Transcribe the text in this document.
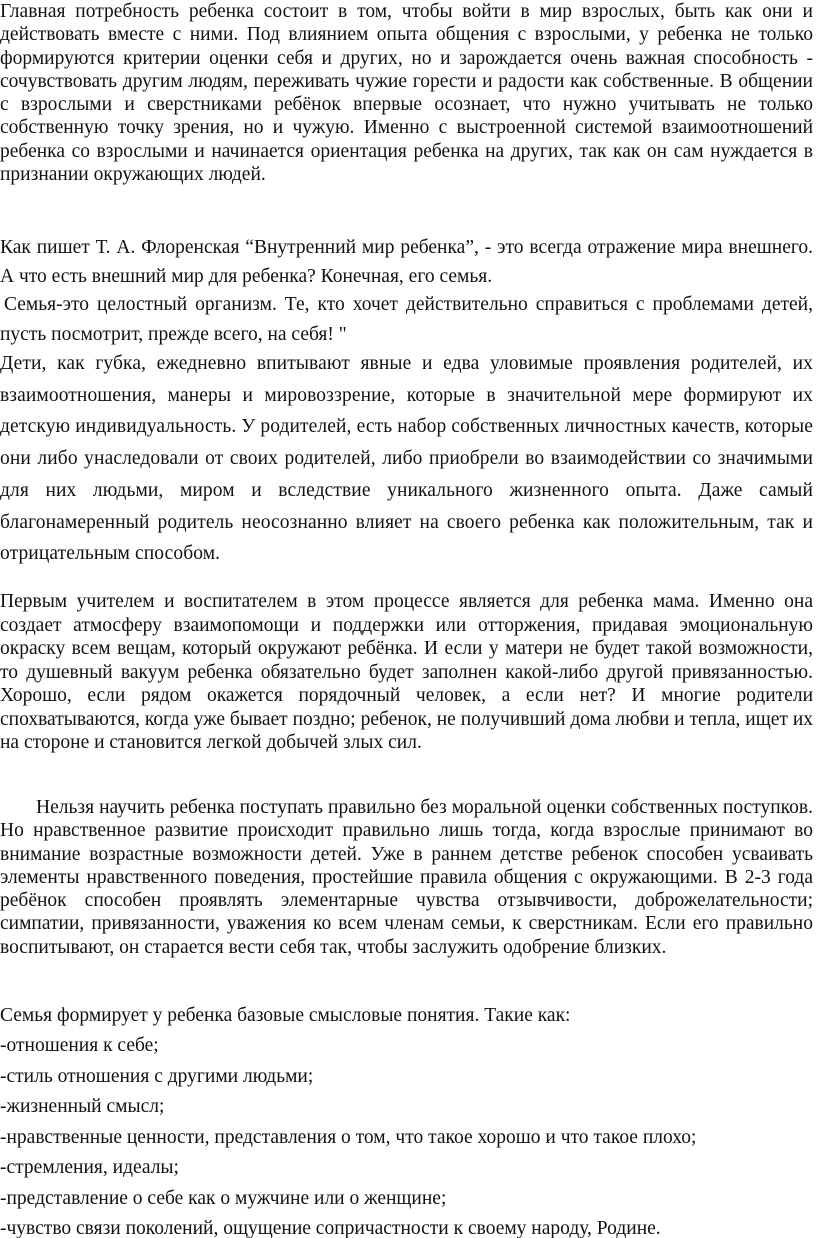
Главная потребность ребенка состоит в том, чтобы войти в мир взрослых, быть как они и действовать вместе с ними. Под влиянием опыта общения с взрослыми, у ребенка не только формируются критерии оценки себя и других, но и зарождается очень важная способность - сочувствовать другим людям, переживать чужие горести и радости как собственные. В общении с взрослыми и сверстниками ребёнок впервые осознает, что нужно учитывать не только собственную точку зрения, но и чужую. Именно с выстроенной системой взаимоотношений ребенка со взрослыми и начинается ориентация ребенка на других, так как он сам нуждается в признании окружающих людей.

Как пишет Т. А. Флоренская “Внутренний мир ребенка”, - это всегда отражение мира внешнего. А что есть внешний мир для ребенка? Конечная, его семья.

Семья-это целостный организм. Те, кто хочет действительно справиться с проблемами детей, пусть посмотрит, прежде всего, на себя! "

Дети, как губка, ежедневно впитывают явные и едва уловимые проявления родителей, их взаимоотношения, манеры и мировоззрение, которые в значительной мере формируют их детскую индивидуальность. У родителей, есть набор собственных личностных качеств, которые они либо унаследовали от своих родителей, либо приобрели во взаимодействии со значимыми для них людьми, миром и вследствие уникального жизненного опыта. Даже самый благонамеренный родитель неосознанно влияет на своего ребенка как положительным, так и отрицательным способом.

Первым учителем и воспитателем в этом процессе является для ребенка мама. Именно она создает атмосферу взаимопомощи и поддержки или отторжения, придавая эмоциональную окраску всем вещам, который окружают ребёнка. И если у матери не будет такой возможности, то душевный вакуум ребенка обязательно будет заполнен какой-либо другой привязанностью. Хорошо, если рядом окажется порядочный человек, а если нет? И многие родители спохватываются, когда уже бывает поздно; ребенок, не получивший дома любви и тепла, ищет их на стороне и становится легкой добычей злых сил.

Нельзя научить ребенка поступать правильно без моральной оценки собственных поступков. Но нравственное развитие происходит правильно лишь тогда, когда взрослые принимают во внимание возрастные возможности детей. Уже в раннем детстве ребенок способен усваивать элементы нравственного поведения, простейшие правила общения с окружающими. В 2-3 года ребёнок способен проявлять элементарные чувства отзывчивости, доброжелательности; симпатии, привязанности, уважения ко всем членам семьи, к сверстникам. Если его правильно воспитывают, он старается вести себя так, чтобы заслужить одобрение близких.

Семья формирует у ребенка базовые смысловые понятия. Такие как:

-отношения к себе;
-стиль отношения с другими людьми;
-жизненный смысл;
-нравственные ценности, представления о том, что такое хорошо и что такое плохо;
-стремления, идеалы;
-представление о себе как о мужчине или о женщине;
-чувство связи поколений, ощущение сопричастности к своему народу, Родине.
